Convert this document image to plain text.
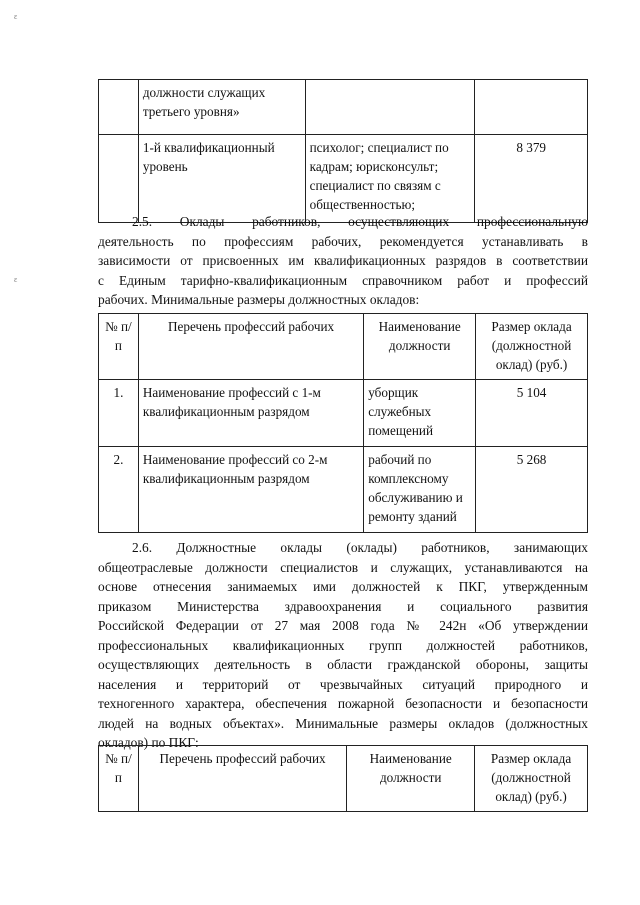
ε
ε
	должности служащих третьего уровня»		
	1-й квалификационный уровень	психолог; специалист по кадрам; юрисконсульт; специалист по связям с общественностью;	8 379
2.5. Оклады работников, осуществляющих профессиональную
деятельность по профессиям рабочих, рекомендуется устанавливать в
зависимости от присвоенных им квалификационных разрядов в соответствии
с Единым тарифно-квалификационным справочником работ и профессий
рабочих. Минимальные размеры должностных окладов:
№ п/п	Перечень профессий рабочих	Наименование должности	Размер оклада (должностной оклад) (руб.)
1.	Наименование профессий с 1-м квалификационным разрядом	уборщик служебных помещений	5 104
2.	Наименование профессий со 2-м квалификационным разрядом	рабочий по комплексному обслуживанию и ремонту зданий	5 268
2.6. Должностные оклады (оклады) работников, занимающих
общеотраслевые должности специалистов и служащих, устанавливаются на
основе отнесения занимаемых ими должностей к ПКГ, утвержденным
приказом Министерства здравоохранения и социального развития
Российской Федерации от 27 мая 2008 года № 242н «Об утверждении
профессиональных квалификационных групп должностей работников,
осуществляющих деятельность в области гражданской обороны, защиты
населения и территорий от чрезвычайных ситуаций природного и
техногенного характера, обеспечения пожарной безопасности и безопасности
людей на водных объектах». Минимальные размеры окладов (должностных
окладов) по ПКГ:
№ п/п	Перечень профессий рабочих	Наименование должности	Размер оклада (должностной оклад) (руб.)
